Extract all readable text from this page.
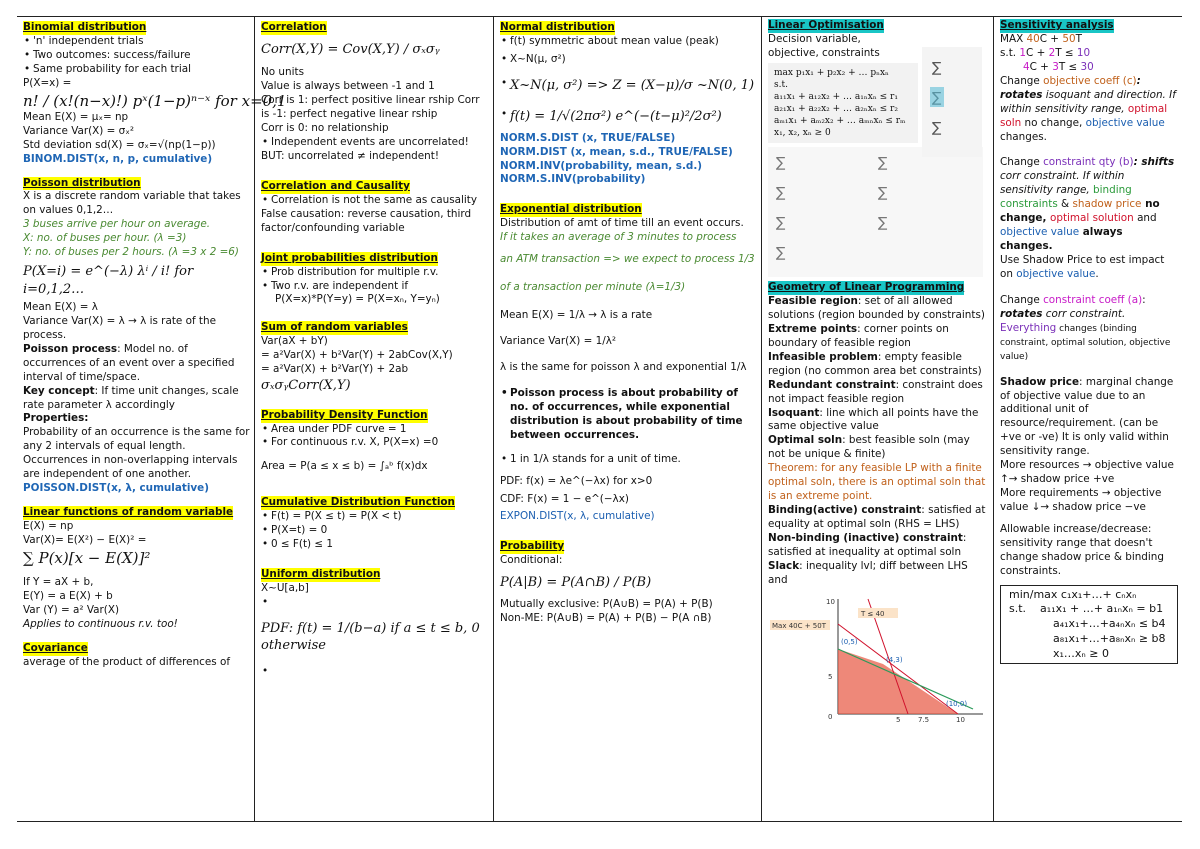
Binomial distribution
• 'n' independent trials
• Two outcomes: success/failure
• Same probability for each trial
P(X=x) =
n! / (x!(n−x)!) pˣ(1−p)ⁿ⁻ˣ for x=0,1
Mean E(X) = μₓ= np
Variance Var(X) = σₓ²
Std deviation sd(X) = σₓ=√(np(1−p))
BINOM.DIST(x, n, p, cumulative)
Poisson distribution
X is a discrete random variable that takes on values 0,1,2…
3 buses arrive per hour on average.
X: no. of buses per hour. (λ =3)
Y: no. of buses per 2 hours. (λ =3 x 2 =6)
P(X=i) = e^(−λ) λⁱ / i! for i=0,1,2…
Mean E(X) = λ
Variance Var(X) = λ → λ is rate of the process.
Poisson process: Model no. of occurrences of an event over a specified interval of time/space.
Key concept: If time unit changes, scale rate parameter λ accordingly
Properties:
Probability of an occurrence is the same for any 2 intervals of equal length. Occurrences in non-overlapping intervals are independent of one another.
POISSON.DIST(x, λ, cumulative)
Linear functions of random variable
E(X) = np
Var(X)= E(X²) − E(X)² =
∑ P(x)[x − E(X)]²
If Y = aX + b,
E(Y) = a E(X) + b
Var (Y) = a² Var(X)
Applies to continuous r.v. too!
Covariance
average of the product of differences of
Correlation
Corr(X,Y) = Cov(X,Y) / σₓσᵧ
No units
Value is always between -1 and 1
Corr is 1: perfect positive linear rship Corr is -1: perfect negative linear rship
Corr is 0: no relationship
• Independent events are uncorrelated!
BUT: uncorrelated ≠ independent!
Correlation and Causality
• Correlation is not the same as causality
False causation: reverse causation, third factor/confounding variable
Joint probabilities distribution
• Prob distribution for multiple r.v.
• Two r.v. are independent if
P(X=x)*P(Y=y) = P(X=xₙ, Y=yₙ)
Sum of random variables
Var(aX + bY)
= a²Var(X) + b²Var(Y) + 2abCov(X,Y)
= a²Var(X) + b²Var(Y) + 2ab
σₓσᵧCorr(X,Y)
Probability Density Function
• Area under PDF curve = 1
• For continuous r.v. X, P(X=x) =0
Area = P(a ≤ x ≤ b) = ∫ₐᵇ f(x)dx
Cumulative Distribution Function
• F(t) = P(X ≤ t) = P(X < t)
• P(X=t) = 0
• 0 ≤ F(t) ≤ 1
Uniform distribution
X~U[a,b]
•
PDF: f(t) = 1/(b−a) if a ≤ t ≤ b, 0 otherwise
•
Normal distribution
• f(t) symmetric about mean value (peak)
• X~N(μ, σ²)
• X~N(μ, σ²) => Z = (X−μ)/σ ~N(0, 1)
• f(t) = 1/√(2πσ²) e^(−(t−μ)²/2σ²)
NORM.S.DIST (x, TRUE/FALSE)
NORM.DIST (x, mean, s.d., TRUE/FALSE)
NORM.INV(probability, mean, s.d.)
NORM.S.INV(probability)
Exponential distribution
Distribution of amt of time till an event occurs.
If it takes an average of 3 minutes to process
an ATM transaction => we expect to process 1/3
of a transaction per minute (λ=1/3)
Mean E(X) = 1/λ → λ is a rate
Variance Var(X) = 1/λ²
λ is the same for poisson λ and exponential 1/λ
• Poisson process is about probability of no. of occurrences, while exponential distribution is about probability of time between occurrences.
• 1 in 1/λ stands for a unit of time.
PDF: f(x) = λe^(−λx) for x>0
CDF: F(x) = 1 − e^(−λx)
EXPON.DIST(x, λ, cumulative)
Probability
Conditional:
P(A|B) = P(A∩B) / P(B)
Mutually exclusive: P(A∪B) = P(A) + P(B)
Non-ME: P(A∪B) = P(A) + P(B) − P(A ∩B)
Linear Optimisation
Decision variable, objective, constraints
max p₁x₁ + p₂x₂ + … pₙxₙ
s.t.
a₁₁x₁ + a₁₂x₂ + … a₁ₙxₙ ≤ r₁
a₂₁x₁ + a₂₂x₂ + … a₂ₙxₙ ≤ r₂
aₘ₁x₁ + aₘ₂x₂ + … aₘₙxₙ ≤ rₘ
x₁, x₂, xₙ ≥ 0
∑
∑
∑	∑
∑	∑
∑	∑
∑
Geometry of Linear Programming
Feasible region: set of all allowed solutions (region bounded by constraints)
Extreme points: corner points on boundary of feasible region
Infeasible problem: empty feasible region (no common area bet constraints)
Redundant constraint: constraint does not impact feasible region
Isoquant: line which all points have the same objective value
Optimal soln: best feasible soln (may not be unique & finite)
Theorem: for any feasible LP with a finite optimal soln, there is an optimal soln that is an extreme point.
Binding(active) constraint: satisfied at equality at optimal soln (RHS = LHS)
Non-binding (inactive) constraint: satisfied at inequality at optimal soln
Slack: inequality lvl; diff between LHS and
T ≤ 40
Max 40C + 50T
(0,5)
(4,3)
(10,0)
0	5	7.5	10
5
10
Sensitivity analysis
MAX 40C + 50T
s.t. 1C + 2T ≤ 10
4C + 3T ≤ 30
Change objective coeff (c): rotates isoquant and direction. If within sensitivity range, optimal soln no change, objective value changes.
Change constraint qty (b): shifts corr constraint. If within sensitivity range, binding constraints & shadow price no change, optimal solution and objective value always changes.
Use Shadow Price to est impact on objective value.
Change constraint coeff (a):
rotates corr constraint.
Everything changes (binding constraint, optimal solution, objective value)
Shadow price: marginal change of objective value due to an additional unit of resource/requirement. (can be +ve or -ve) It is only valid within sensitivity range.
More resources → objective value ↑→ shadow price +ve
More requirements → objective value ↓→ shadow price −ve
Allowable increase/decrease: sensitivity range that doesn't change shadow price & binding constraints.
min/max c₁x₁+…+ cₙxₙ
s.t. a₁₁x₁ + …+ a₁ₙxₙ = b1
a₄₁x₁+…+a₄ₙxₙ ≤ b4
a₈₁x₁+…+a₈ₙxₙ ≥ b8
x₁…xₙ ≥ 0
